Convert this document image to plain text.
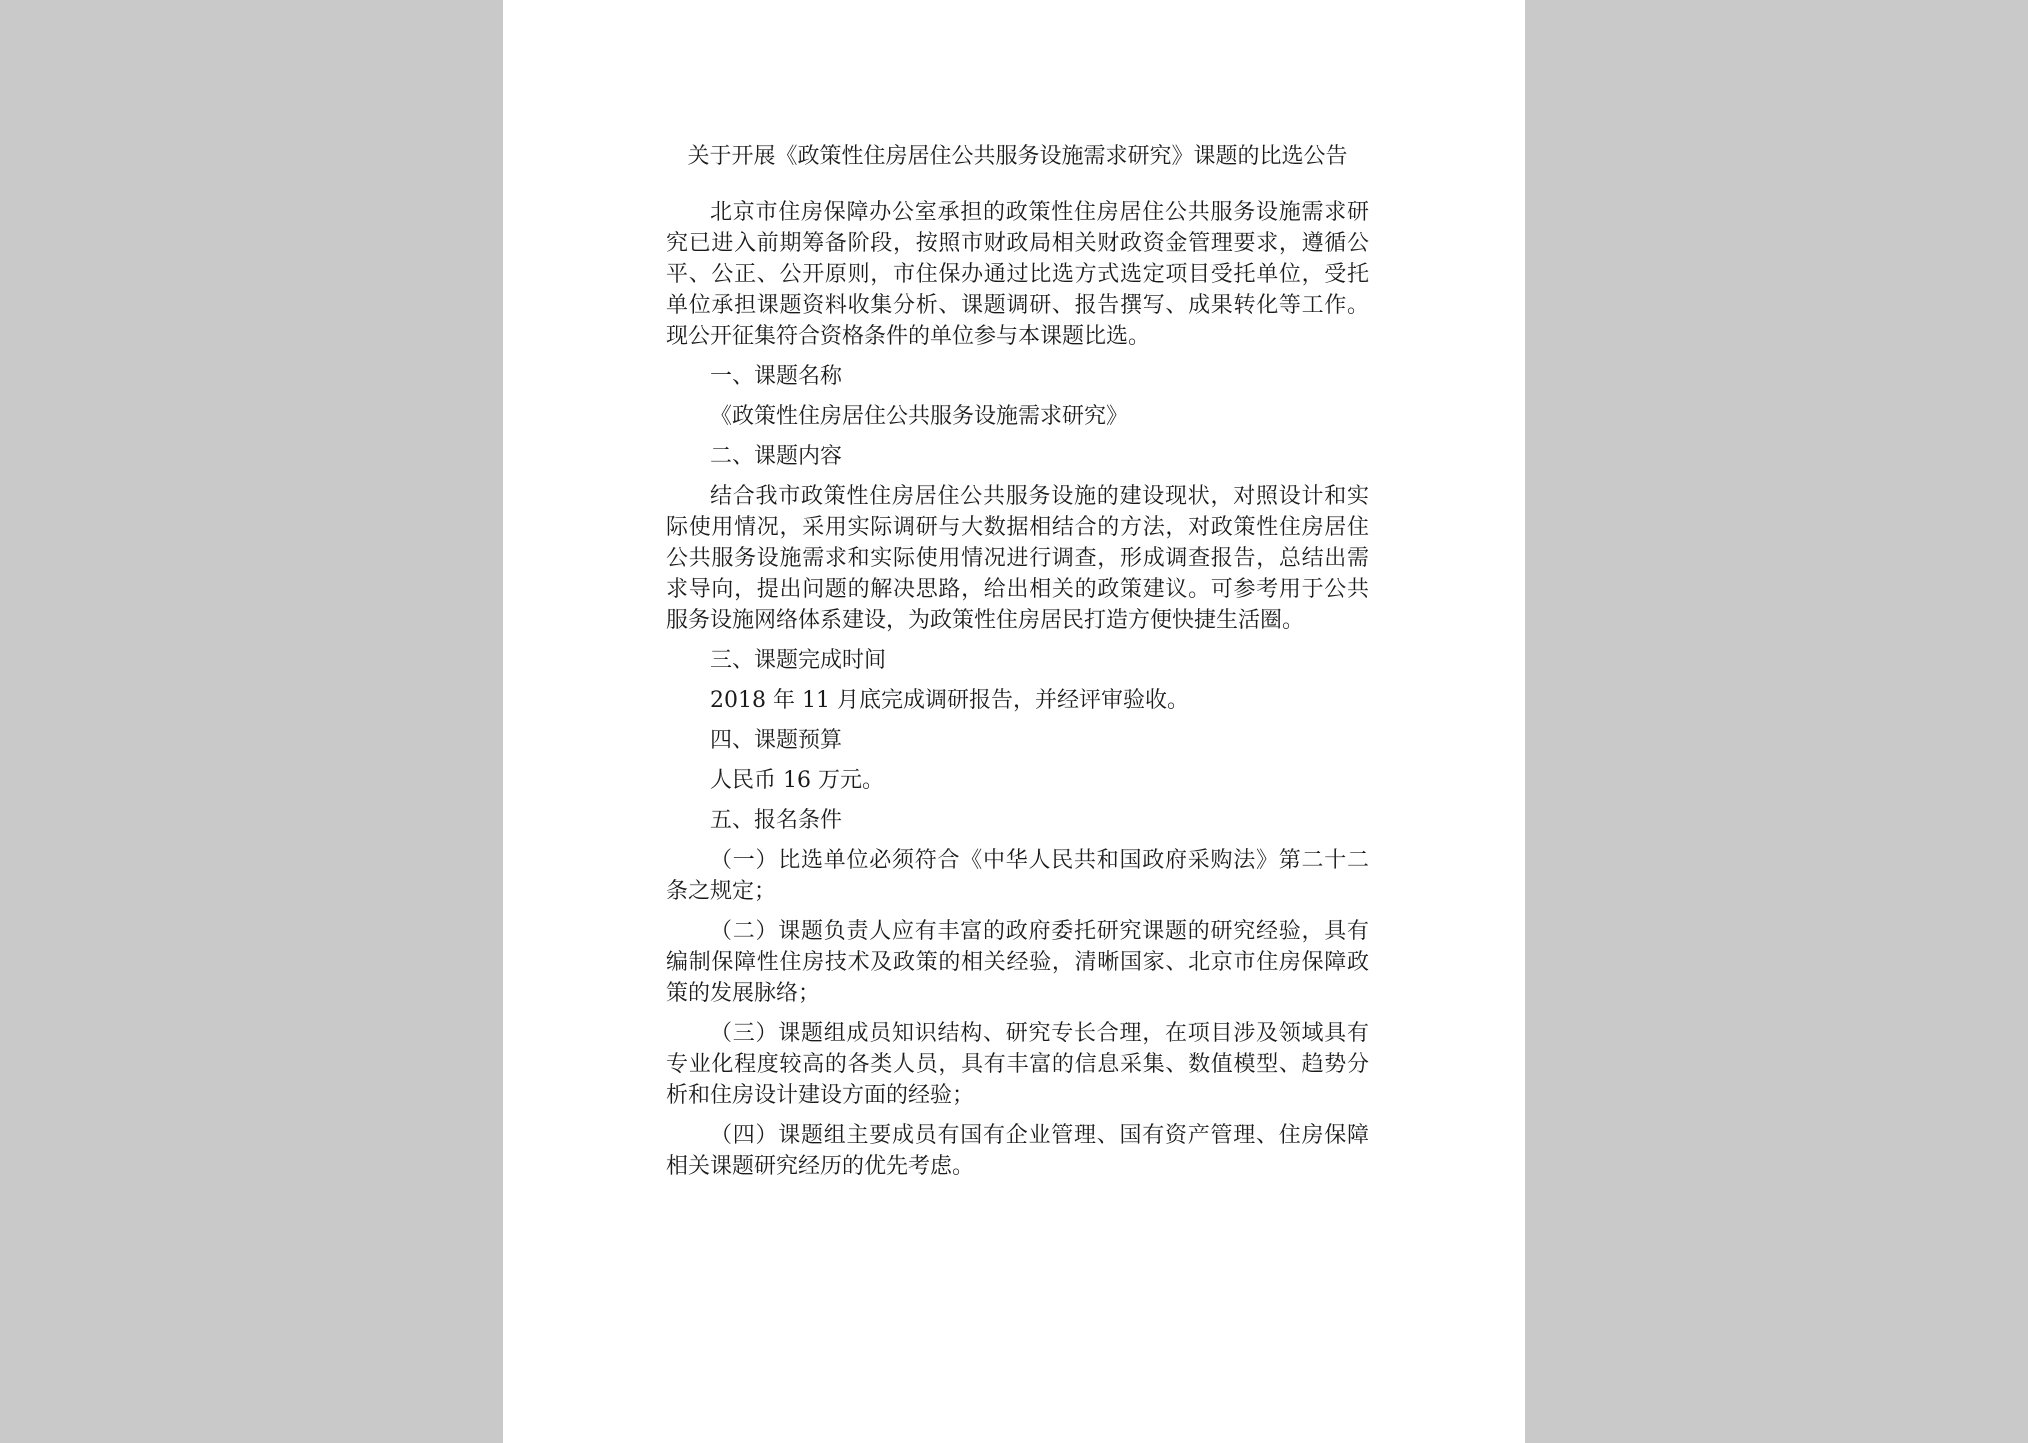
关于开展《政策性住房居住公共服务设施需求研究》课题的比选公告
北京市住房保障办公室承担的政策性住房居住公共服务设施需求研究已进入前期筹备阶段，按照市财政局相关财政资金管理要求，遵循公平、公正、公开原则，市住保办通过比选方式选定项目受托单位，受托单位承担课题资料收集分析、课题调研、报告撰写、成果转化等工作。现公开征集符合资格条件的单位参与本课题比选。
一、课题名称
《政策性住房居住公共服务设施需求研究》
二、课题内容
结合我市政策性住房居住公共服务设施的建设现状，对照设计和实际使用情况，采用实际调研与大数据相结合的方法，对政策性住房居住公共服务设施需求和实际使用情况进行调查，形成调查报告，总结出需求导向，提出问题的解决思路，给出相关的政策建议。可参考用于公共服务设施网络体系建设，为政策性住房居民打造方便快捷生活圈。
三、课题完成时间
2018 年 11 月底完成调研报告，并经评审验收。
四、课题预算
人民币 16 万元。
五、报名条件
（一）比选单位必须符合《中华人民共和国政府采购法》第二十二条之规定；
（二）课题负责人应有丰富的政府委托研究课题的研究经验，具有编制保障性住房技术及政策的相关经验，清晰国家、北京市住房保障政策的发展脉络；
（三）课题组成员知识结构、研究专长合理，在项目涉及领域具有专业化程度较高的各类人员，具有丰富的信息采集、数值模型、趋势分析和住房设计建设方面的经验；
（四）课题组主要成员有国有企业管理、国有资产管理、住房保障相关课题研究经历的优先考虑。
